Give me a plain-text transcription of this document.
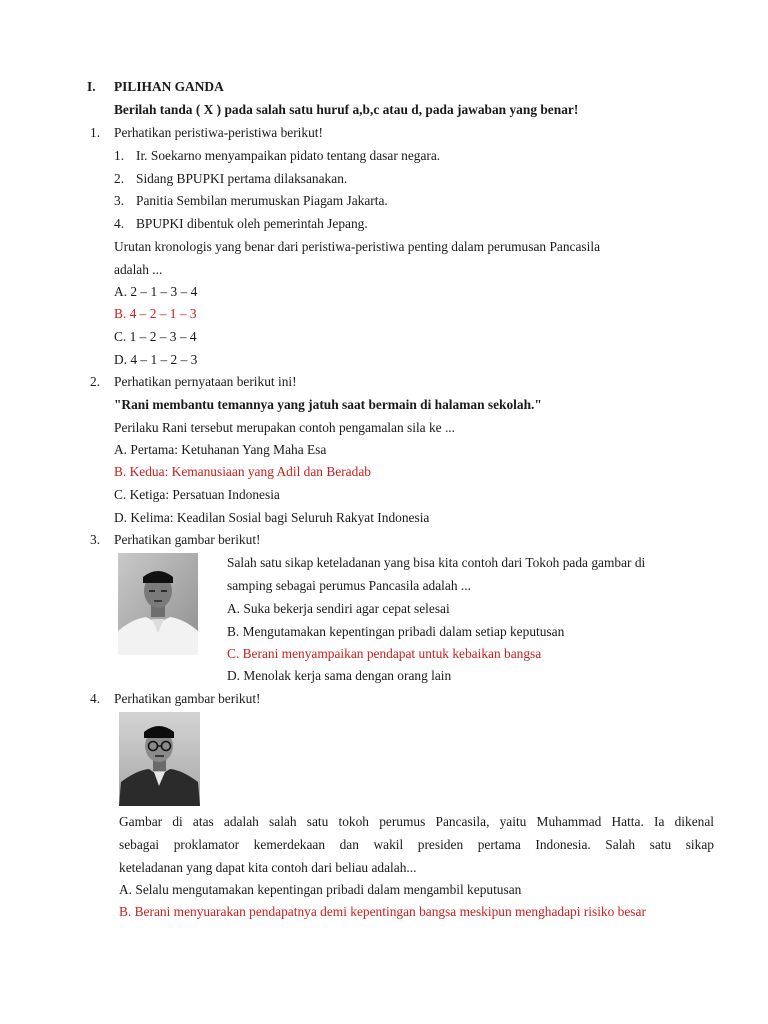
I. PILIHAN GANDA
Berilah tanda ( X ) pada salah satu huruf a,b,c atau d, pada jawaban yang benar!
1. Perhatikan peristiwa-peristiwa berikut!
1. Ir. Soekarno menyampaikan pidato tentang dasar negara.
2. Sidang BPUPKI pertama dilaksanakan.
3. Panitia Sembilan merumuskan Piagam Jakarta.
4. BPUPKI dibentuk oleh pemerintah Jepang.
Urutan kronologis yang benar dari peristiwa-peristiwa penting dalam perumusan Pancasila
adalah ...
A. 2 – 1 – 3 – 4
B. 4 – 2 – 1 – 3
C. 1 – 2 – 3 – 4
D. 4 – 1 – 2 – 3
2. Perhatikan pernyataan berikut ini!
"Rani membantu temannya yang jatuh saat bermain di halaman sekolah."
Perilaku Rani tersebut merupakan contoh pengamalan sila ke ...
A. Pertama: Ketuhanan Yang Maha Esa
B. Kedua: Kemanusiaan yang Adil dan Beradab
C. Ketiga: Persatuan Indonesia
D. Kelima: Keadilan Sosial bagi Seluruh Rakyat Indonesia
3. Perhatikan gambar berikut!
Salah satu sikap keteladanan yang bisa kita contoh dari Tokoh pada gambar di
samping sebagai perumus Pancasila adalah ...
A. Suka bekerja sendiri agar cepat selesai
B. Mengutamakan kepentingan pribadi dalam setiap keputusan
C. Berani menyampaikan pendapat untuk kebaikan bangsa
D. Menolak kerja sama dengan orang lain
4. Perhatikan gambar berikut!
Gambar di atas adalah salah satu tokoh perumus Pancasila, yaitu Muhammad Hatta. Ia dikenal
sebagai proklamator kemerdekaan dan wakil presiden pertama Indonesia. Salah satu sikap
keteladanan yang dapat kita contoh dari beliau adalah...
A. Selalu mengutamakan kepentingan pribadi dalam mengambil keputusan
B. Berani menyuarakan pendapatnya demi kepentingan bangsa meskipun menghadapi risiko besar
